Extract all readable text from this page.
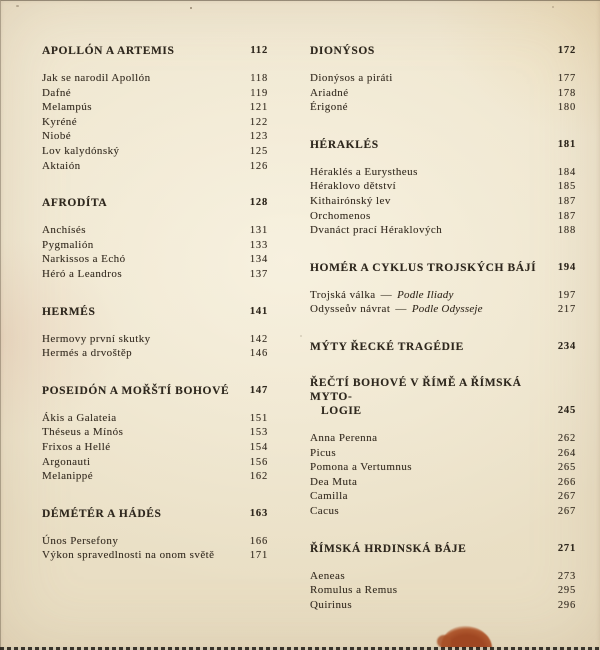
APOLLÓN A ARTEMIS	112
Jak se narodil Apollón	118
Dafné	119
Melampús	121
Kyréné	122
Niobé	123
Lov kalydónský	125
Aktaión	126
AFRODÍTA	128
Anchísés	131
Pygmalión	133
Narkissos a Echó	134
Héró a Leandros	137
HERMÉS	141
Hermovy první skutky	142
Hermés a drvoštěp	146
POSEIDÓN A MOŘŠTÍ BOHOVÉ	147
Ákis a Galateia	151
Théseus a Mínós	153
Frixos a Hellé	154
Argonauti	156
Melanippé	162
DÉMÉTÉR A HÁDÉS	163
Únos Persefony	166
Výkon spravedlnosti na onom světě	171
DIONÝSOS	172
Dionýsos a piráti	177
Ariadné	178
Érigoné	180
HÉRAKLÉS	181
Héraklés a Eurystheus	184
Héraklovo dětství	185
Kithairónský lev	187
Orchomenos	187
Dvanáct prací Héraklových	188
HOMÉR A CYKLUS TROJSKÝCH BÁJÍ	194
Trojská válka — Podle Iliady	197
Odysseův návrat — Podle Odysseje	217
MÝTY ŘECKÉ TRAGÉDIE	234
ŘEČTÍ BOHOVÉ V ŘÍMĚ A ŘÍMSKÁ MYTO-
LOGIE	245
Anna Perenna	262
Picus	264
Pomona a Vertumnus	265
Dea Muta	266
Camilla	267
Cacus	267
ŘÍMSKÁ HRDINSKÁ BÁJE	271
Aeneas	273
Romulus a Remus	295
Quirinus	296
